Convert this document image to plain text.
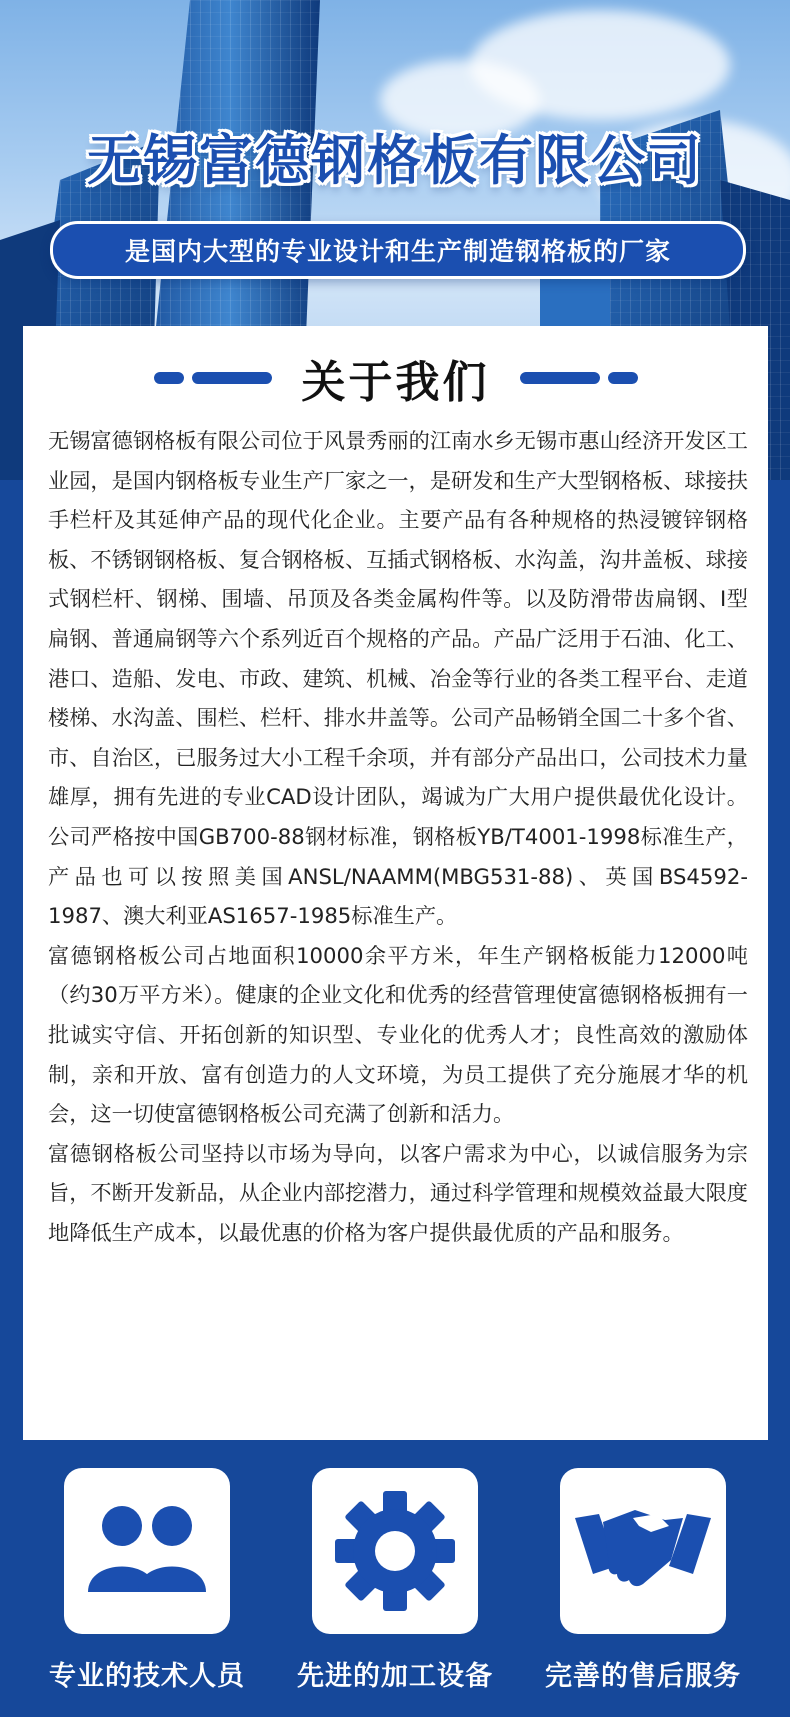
无锡富德钢格板有限公司
是国内大型的专业设计和生产制造钢格板的厂家
关于我们

无锡富德钢格板有限公司位于风景秀丽的江南水乡无锡市惠山经济开发区工业园，是国内钢格板专业生产厂家之一，是研发和生产大型钢格板、球接扶手栏杆及其延伸产品的现代化企业。主要产品有各种规格的热浸镀锌钢格板、不锈钢钢格板、复合钢格板、互插式钢格板、水沟盖，沟井盖板、球接式钢栏杆、钢梯、围墙、吊顶及各类金属构件等。以及防滑带齿扁钢、I型扁钢、普通扁钢等六个系列近百个规格的产品。产品广泛用于石油、化工、港口、造船、发电、市政、建筑、机械、冶金等行业的各类工程平台、走道楼梯、水沟盖、围栏、栏杆、排水井盖等。公司产品畅销全国二十多个省、市、自治区，已服务过大小工程千余项，并有部分产品出口，公司技术力量雄厚，拥有先进的专业CAD设计团队，竭诚为广大用户提供最优化设计。公司严格按中国GB700-88钢材标准，钢格板YB/T4001-1998标准生产，产品也可以按照美国ANSL/NAAMM(MBG531-88)、英国BS4592-1987、澳大利亚AS1657-1985标准生产。

富德钢格板公司占地面积10000余平方米，年生产钢格板能力12000吨（约30万平方米）。健康的企业文化和优秀的经营管理使富德钢格板拥有一批诚实守信、开拓创新的知识型、专业化的优秀人才；良性高效的激励体制，亲和开放、富有创造力的人文环境，为员工提供了充分施展才华的机会，这一切使富德钢格板公司充满了创新和活力。

富德钢格板公司坚持以市场为导向，以客户需求为中心，以诚信服务为宗旨，不断开发新品，从企业内部挖潜力，通过科学管理和规模效益最大限度地降低生产成本，以最优惠的价格为客户提供最优质的产品和服务。

专业的技术人员	先进的加工设备	完善的售后服务
